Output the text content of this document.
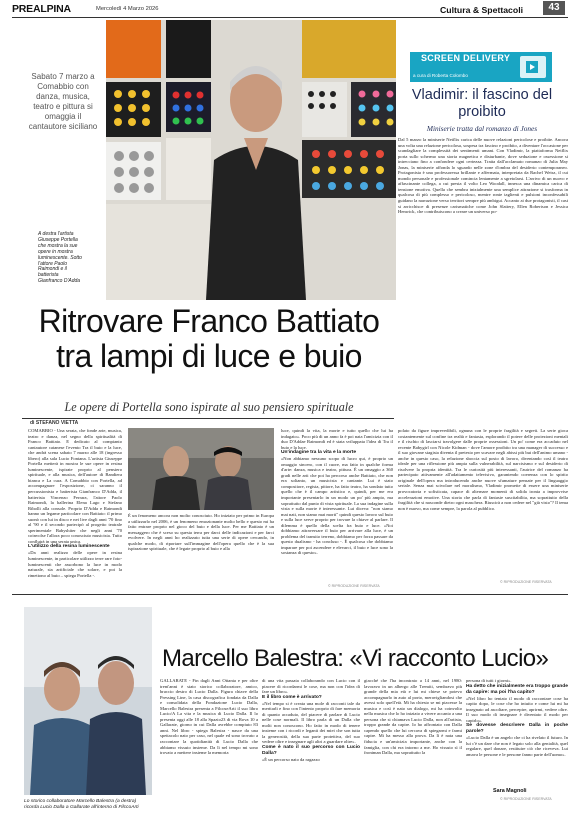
PREALPINA	Mercoledì 4 Marzo 2026	Cultura & Spettacoli	43
Sabato 7 marzo a Comabbio con danza, musica, teatro e pittura si omaggia il cantautore siciliano
A destra l'artista Giuseppe Portella che mostra la sue opere in mostra luminescente. Sotto l'attore Paolo Raimondi e il batterista Gianfranco D'Adda
SCREEN DELIVERY
a cura di Roberta Colombo
Vladimir: il fascino del proibito
Miniserie tratta dal romanzo di Jones

Dal 5 marzo la miniserie Netflix carica delle nuove relazioni pericolose e proibite. Ancora una volta una relazione pericolosa, sospesa tra fascino e proibito, a diventare l'occasione per scandagliare la complessità dei sentimenti umani. Con Vladimir, la piattaforma Netflix porta sullo schermo una storia magnetica e disturbante, dove seduzione e ossessione si intrecciano fino a confondere ogni certezza. Tratta dall'acclamato romanzo di Julia May Jonas, la miniserie affonda lo sguardo nelle zone d'ombra del desiderio contemporaneo. Protagonista è una professoressa brillante e affermata, interpretata da Rachel Weisz, il cui mondo personale e professionale comincia lentamente a sgretolarsi. L'arrivo di un nuovo e affascinante collega, a cui presta il volto Leo Woodall, innesca una dinamica carica di tensione emotiva. Quella che sembra inizialmente una semplice attrazione si trasforma in qualcosa di più complesso e pericoloso, mentre ronie taglienti e pulsioni inconfessabili guidano la narrazione verso territori sempre più ambigui. Accanto ai due protagonisti, il cast si arricchisce di presenze carismatiche come John Slattery, Ellen Robertson e Jessica Henwick, che contribuiscono a creare un universo po-

polato da figure imprevedibili, ognuna con le proprie fragilità e segreti. La serie gioca costantemente sul confine tra realtà e fantasia, esplorando il potere delle proiezioni mentali e il rischio di lasciarsi travolgere dalle proprie ossessioni. Un po' come era accaduto nel recente Babygirl con Nicole Kidman - dove l'amore proibito tra una manager di successo e il suo giovane stagista diventa il pretesto per scavare negli abissi più bui dell'animo umano - anche in questo caso, la relazione sboccia sul posto di lavoro, diventando così il teatro ideale per una riflessione più ampia sulla vulnerabilità, sul narcisismo e sul desiderio di risolvere la propria identità. Tra le curiosità più interessanti, l'autrice del romanzo ha partecipato attivamente all'adattamento televisivo, garantendo coerenza con lo spirito originale dell'opera ma introducendo anche nuove sfumature pensate per il linguaggio seriale. Senza mai scivolare nel moralismo, Vladimir promette di essere una miniserie provocatoria e sofisticata, capace di alternare momenti di solida ironia a improvvise accelerazioni emotive. Una storia che parla di fantasie suscitabilita, ma soprattutto della fragilità che si nasconde dietro ogni maschera. Riuscirà a non cedere nel "già visto"? Il tema non è nuovo, ma come sempre, la parola al pubblico.

© RIPRODUZIONE RISERVATA
Ritrovare Franco Battiato
tra lampi di luce e buio
Le opere di Portella sono ispirate al suo pensiero spirituale
di STEFANO VIETTA

COMABBIO - Una serata, che fonde arte, musica, teatro e danza, nel segno della spiritualità di Franco Battiato. E dedicato al compianto cantautore catanese l'evento Tra il buio e la luce, che andrà scena sabato 7 marzo alle 18 (ingresso libero) alla sala Lucio Fontana. L'artista Giuseppe Portella metterà in mostra le sue opere in resina luminescente, ispirate proprio al pensiero spirituale, e alla musica, dell'autore di Bandiera bianca e La cura. A Comabbio con Portella, ad accompagnare l'esposizione, ci saranno il percussionista e batterista Gianfranco D'Adda, il batterista Vincenzo Ferrara, l'attore Paolo Raimondi, la ballerina Elena Lago e Stefano Ribolli alla console. Proprio D'Adda e Raimondi hanno un legame particolare con Battiato: il primo suonò con lui in disco e nei live dagli anni '70 fino al '90 e il secondo partecipò al progetto teatrale sperimentale Babyshiter che negli anni '70 coinvolse l'allora poco conosciuto musicista. Tutto confluirà in una serata unica.

L'utilizzo della resina luminescente

«Da anni realizzo delle opere in resina luminescente, in particolare utilizzo terre rare foto-luminescenti che assorbono la luce in modo naturale, sia artificiale che solare, e poi la rimettono al buio – spiega Portella -.

È un fenomeno ancora non molto conosciuto. Ho iniziato per primo in Europa a utilizzarlo nel 2006, è un fenomeno emozionante molto bello e questo mi ha fatto entrare proprio nel gioco del buio e della luce. Per me Battiato è un messaggero che è sceso su questa terra per darci delle indicazioni e per farci evolvere. In negli anni ho realizzato tutta una serie di opere cercando, in qualche modo, di riportare sull'immagine dell'opera quello che è la sua ispirazione spirituale, che è legate proprio al buio e alla

luce, quindi la vita, la morte e tutto quello che lui ha indagato». Poco più di un anno fa è poi nata l'amicizia con il duo D'Addae Raimondi ed è stata sviluppata l'idea di Tra il buio e la luce.

Un'indagine tra la vita e la morte

«Non abbiamo nessuno scopo di lucro qui, è proprio un omaggio sincero, con il cuore, ma fatto in qualche forma d'arte: danza, musica e teatro, pittura. È un omaggio a 360 gradi nelle arti che poi ha percorso anche Battiato, che non era soltanto, un musicista e cantante. Lui è stato compositore, regista, pittore, ha fatto teatro, ha sondato tutto quello che è il campo artistico e, quindi, per me era importante presentarlo in un modo un po' più ampio, ma soprattutto dal punto di vista spirituale. La sua indagine sulla vista e sulla morte è interessante. Lui diceva: "non siamo mai nati, non siamo mai morti" quindi questo lavoro sul buio e sulla luce serve proprio per trovare la chiave al parlare. Il dilemma è quello della scelta fra buio e luce. «Noi dobbiamo attraversare il buio per arrivare alla luce, è un problema del transito terreno, dobbiamo per forza passare da questo dualismo - ha concluso -. È qualcosa che dobbiamo imparare per poi ascendere e elevarci, il buio e luce sono la sostanza di questo».

© RIPRODUZIONE RISERVATA
Lo storico collaboratore Marcello Balestra (a destra) ricorda Lucio Dalla a Gallarate all'interno di FilccoArti
Marcello Balestra: «Vi racconto Lucio»

GALLARATE - Fin dagli Anni Ottanta e per oltre trent'anni è stato storico collaboratore, amico, braccio destro di Lucio Dalla. Figura chiave della Pressing Line, la casa discografica fondata da Dalla e consolidata della Fondazione Lucio Dalla, Marcello Balestra presenta a FilcoseArti il suo libro Lucio/A La vita e la musica di Lucio Dalla. Il lo presenta oggi alle 18 alla Spazio23 di via Rova 10 a Gallarate, giorno in cui Dalla avrebbe compiuto 83 anni. Nel libro - spiega Balestra - nasce da una spettacolo nato per caso, nel quale ed sono trovato a raccontare la quotidianità di Lucio Dalla che abbiamo vissuto insieme. Da lì nel tempo mi sono trovato a mettere insieme la memoria

di una vita passata collaborando con Lucio con il piacere di ricordarmi le cose, ma non con l'idea di fare un libro».

E il libro come è arrivato?

«Nel tempo si è creata una mole di racconti tale da meritarli e fino con l'intento proprio di fare memoria di quanto accaduto, del piacere di parlare di Lucio nelle cose normali. Il libro parla di un Dalla che molti non conoscono. Ho fatto in modo di tenere insieme con i ricordi e leganti dei miei che son tutta la generosità, della sua parte protettiva, del suo vedere oltre e insegnare agli altri a guardare oltre».

Come è nato il suo percorso con Lucio Dalla?

«È un percorso nato da ragazzo

giacché che l'ha incontrato a 14 anni, nel 1980: lavoravo in un albergo alle Tremiti, sembravo più grande della mia età e lui mi chiese se potevo accompagnarlo in auto al porto, meravigliandosi che avessi solo quell'età. Mi ha chiesto se mi piacesse la musica e così è nato un dialogo, mi ha coinvolto nella musica che lo ho iniziato a vivere accanto a una persona che si chiamava Lucio Dalla, non all'artista, troppo grande da capire. Io ho affrontato con Dalla capendo quello che lui cercava di spiegarmi e farmi capire. Mi ha messo alla prova. Da lì è nata una fiducia e un'amicizia importante, anche con la famiglia, con chi era intorno a me. Ho vissuto sì il frontman Dalla, ma soprattutto la

persona di tutti i giorni».

Ha detto che inizialmente era troppo grande da capire: ma poi l'ha capito?

«Nel libro ho tentato il modo di raccontare cose ha capito dopo, le cose che ho intuito e come lui mi ha insegnato ad ascoltare, percepire, aprirmi, vedere oltre. Il suo modo di insegnare è diventato il modo per capirlo».

Se dovesse descrivere Dalla in poche parole?

«Lucio Dalla è un angelo che ci ha rivelato il futuro. In lui c'è un dare che non è legato solo alla genialità, quel regalare, quel donare, restituire ciò che riceveva. Lui amava le persone e le persone fanno parte dell'uomo».

Sara Magnoli
© RIPRODUZIONE RISERVATA
